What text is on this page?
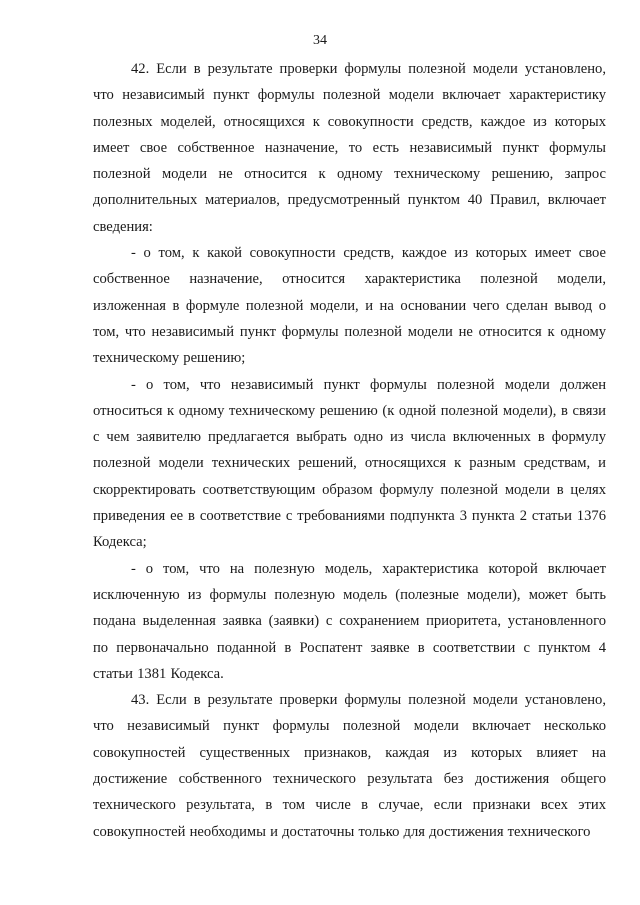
34

42. Если в результате проверки формулы полезной модели установлено, что независимый пункт формулы полезной модели включает характеристику полезных моделей, относящихся к совокупности средств, каждое из которых имеет свое собственное назначение, то есть независимый пункт формулы полезной модели не относится к одному техническому решению, запрос дополнительных материалов, предусмотренный пунктом 40 Правил, включает сведения:

- о том, к какой совокупности средств, каждое из которых имеет свое собственное назначение, относится характеристика полезной модели, изложенная в формуле полезной модели, и на основании чего сделан вывод о том, что независимый пункт формулы полезной модели не относится к одному техническому решению;

- о том, что независимый пункт формулы полезной модели должен относиться к одному техническому решению (к одной полезной модели), в связи с чем заявителю предлагается выбрать одно из числа включенных в формулу полезной модели технических решений, относящихся к разным средствам, и скорректировать соответствующим образом формулу полезной модели в целях приведения ее в соответствие с требованиями подпункта 3 пункта 2 статьи 1376 Кодекса;

- о том, что на полезную модель, характеристика которой включает исключенную из формулы полезную модель (полезные модели), может быть подана выделенная заявка (заявки) с сохранением приоритета, установленного по первоначально поданной в Роспатент заявке в соответствии с пунктом 4 статьи 1381 Кодекса.

43. Если в результате проверки формулы полезной модели установлено, что независимый пункт формулы полезной модели включает несколько совокупностей существенных признаков, каждая из которых влияет на достижение собственного технического результата без достижения общего технического результата, в том числе в случае, если признаки всех этих совокупностей необходимы и достаточны только для достижения технического
